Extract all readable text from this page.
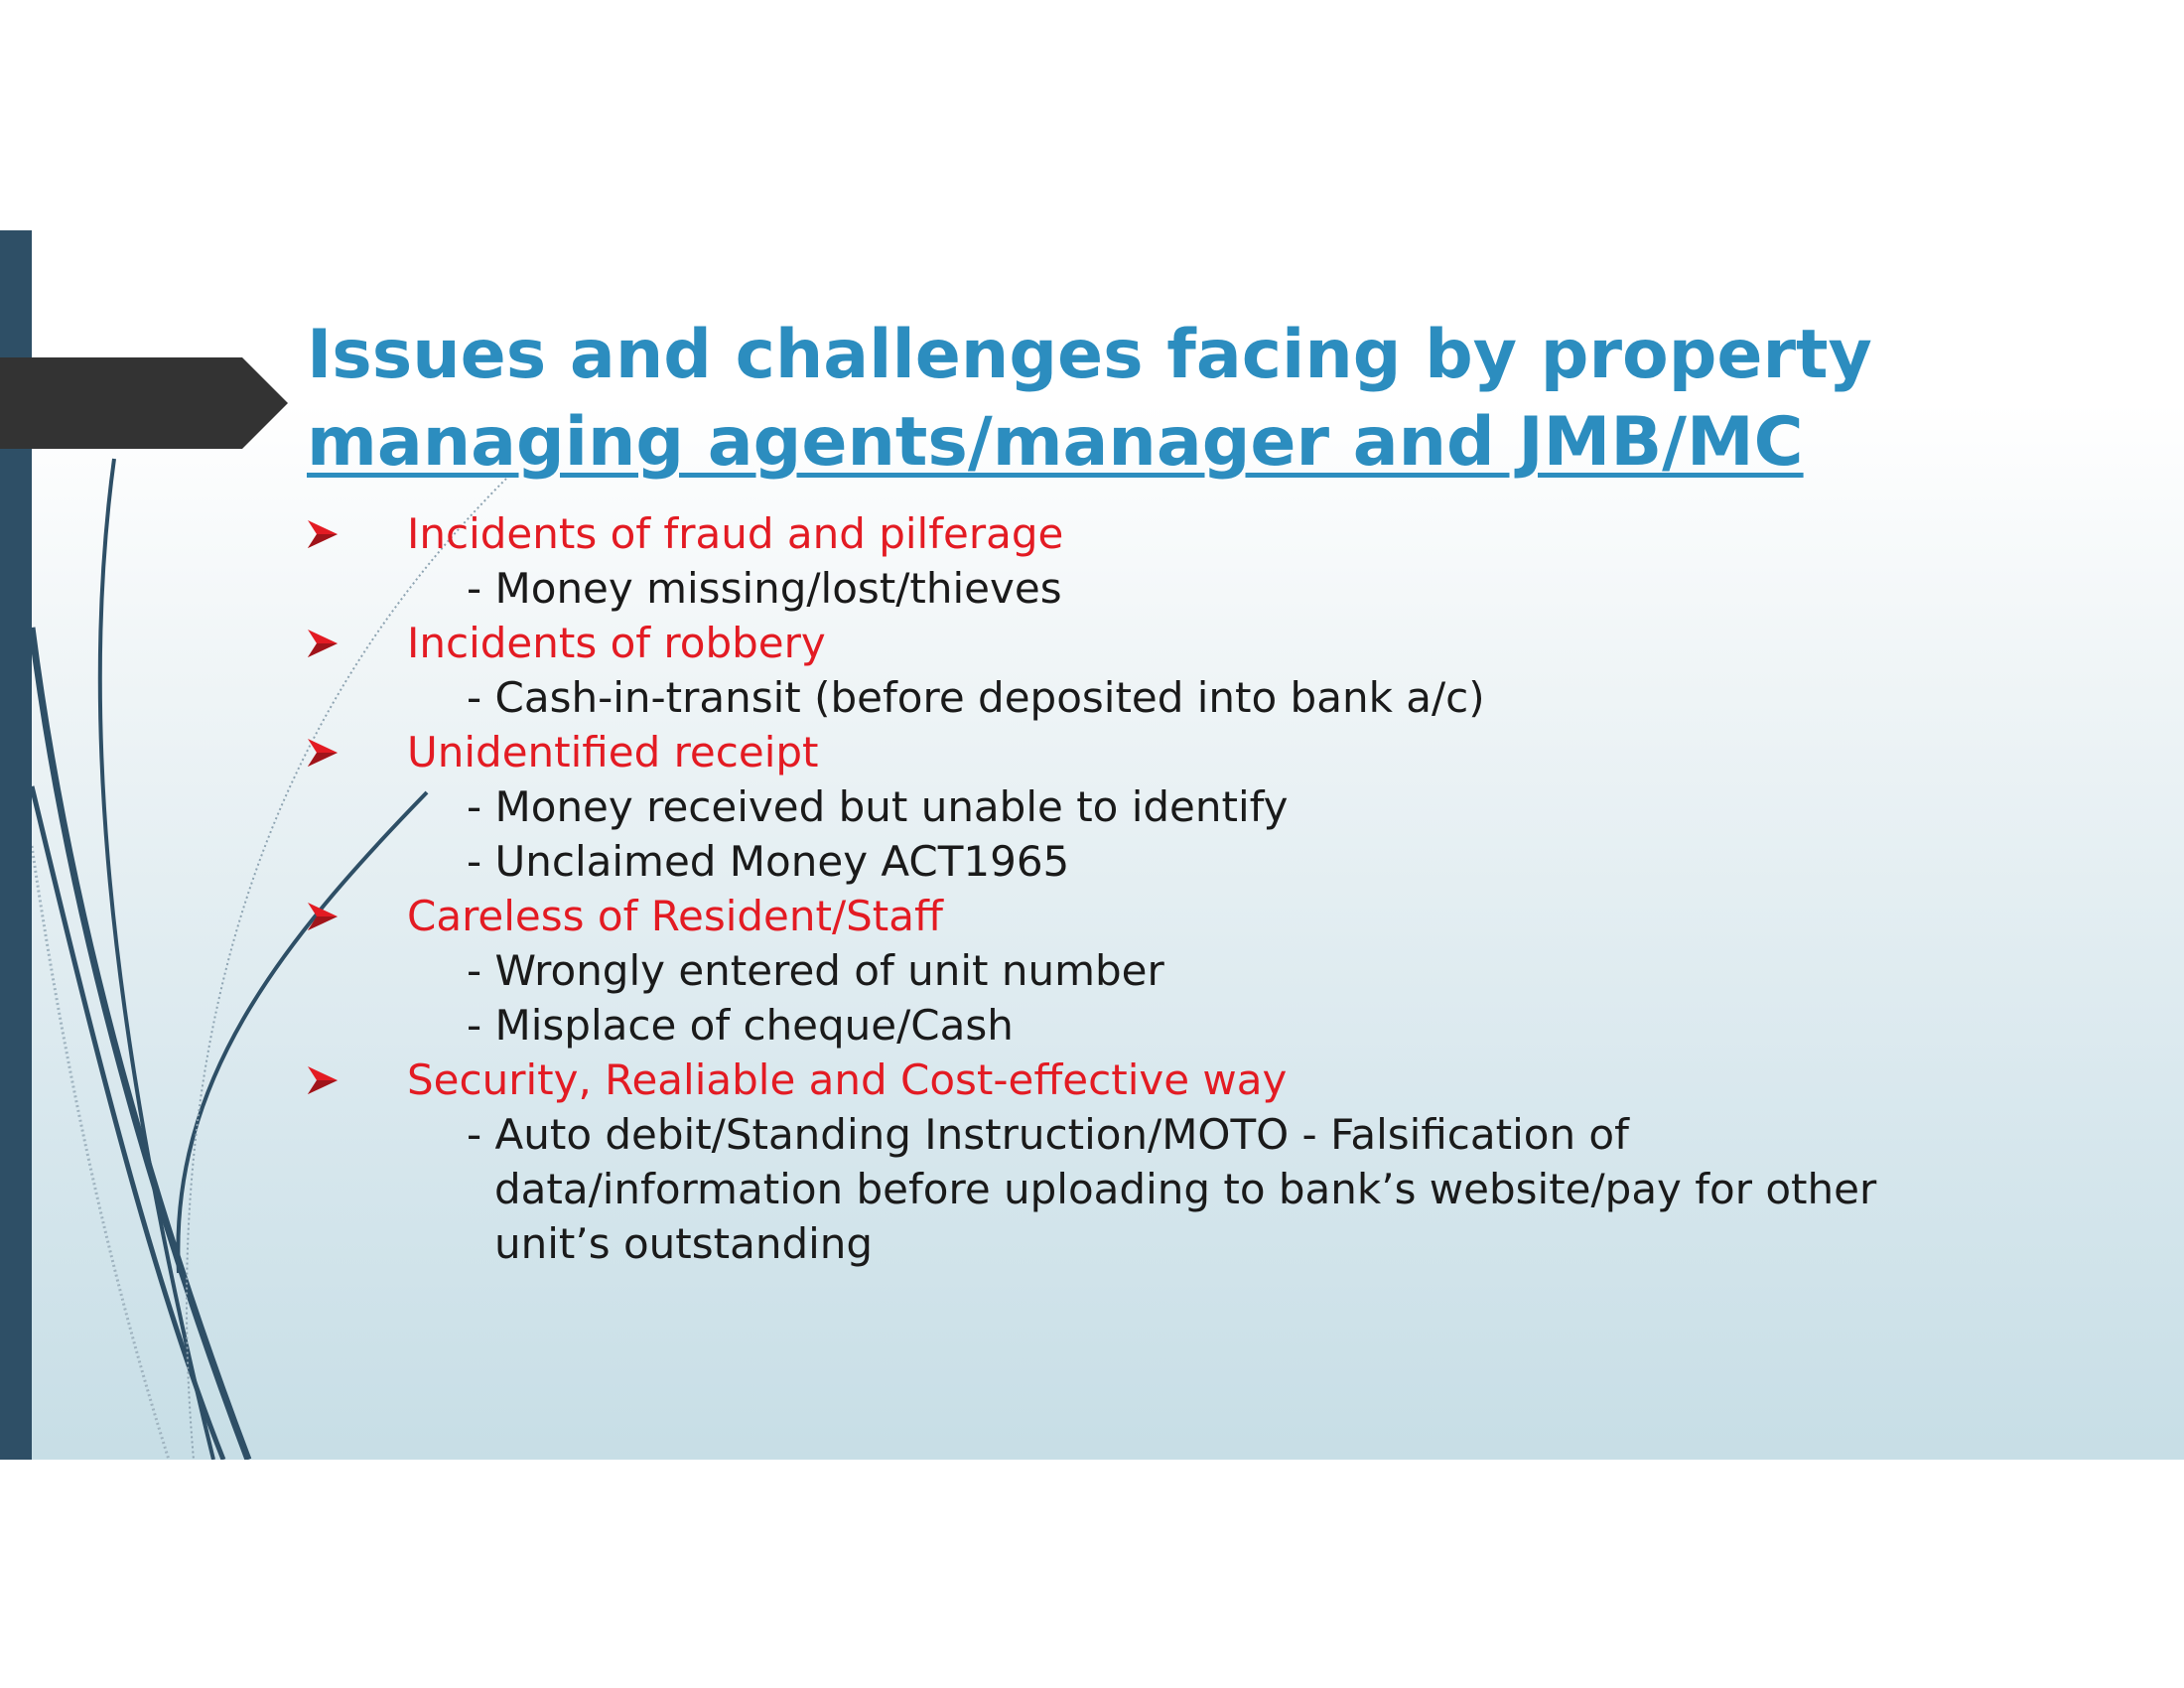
Issues and challenges facing by property
managing agents/manager and JMB/MC
Incidents of fraud and pilferage
- Money missing/lost/thieves
Incidents of robbery
- Cash-in-transit (before deposited into bank a/c)
Unidentified receipt
- Money received but unable to identify
- Unclaimed Money ACT1965
Careless of Resident/Staff
- Wrongly entered of unit number
- Misplace of cheque/Cash
Security, Realiable and Cost-effective way
- Auto debit/Standing Instruction/MOTO - Falsification of
data/information before uploading to bank’s website/pay for other
unit’s outstanding
